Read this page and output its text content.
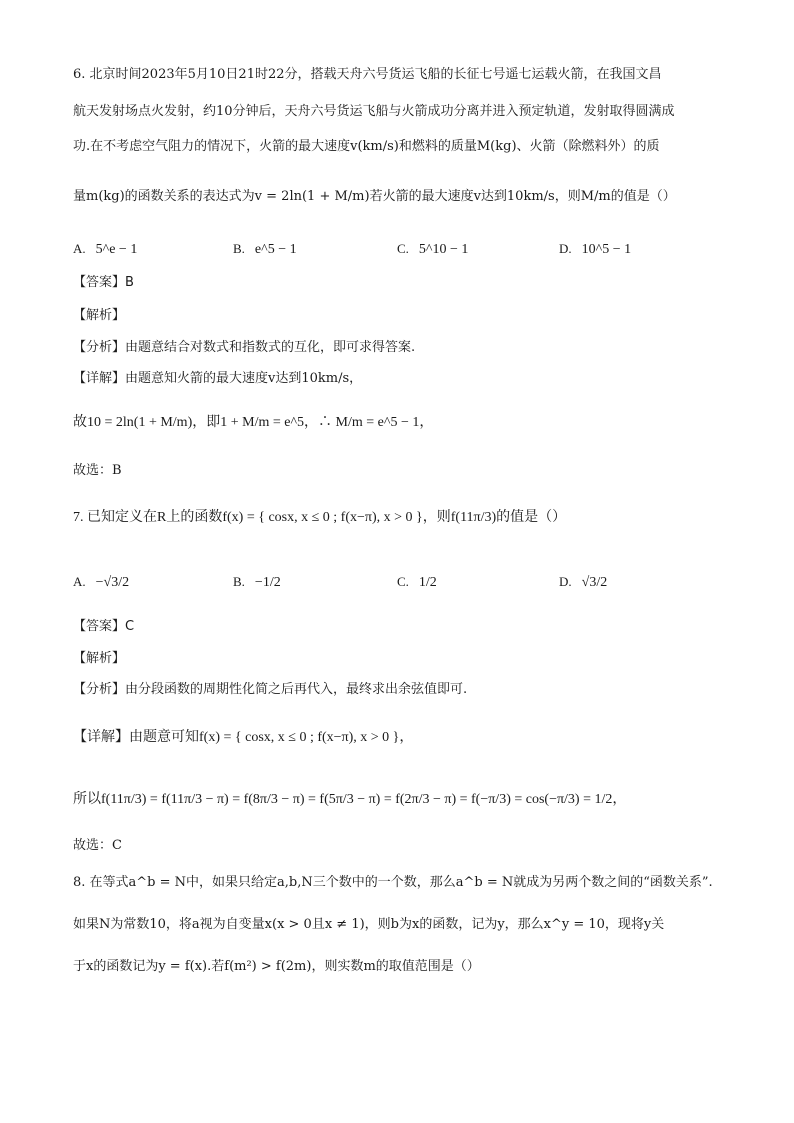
6. 北京时间2023年5月10日21时22分，搭载天舟六号货运飞船的长征七号遥七运载火箭，在我国文昌
航天发射场点火发射，约10分钟后，天舟六号货运飞船与火箭成功分离并进入预定轨道，发射取得圆满成
功.在不考虑空气阻力的情况下，火箭的最大速度v(km/s)和燃料的质量M(kg)、火箭（除燃料外）的质
量m(kg)的函数关系的表达式为v = 2ln(1 + M/m)若火箭的最大速度v达到10km/s，则M/m的值是（）
A. 5^e − 1	B. e^5 − 1	C. 5^10 − 1	D. 10^5 − 1
【答案】B
【解析】
【分析】由题意结合对数式和指数式的互化，即可求得答案.
【详解】由题意知火箭的最大速度v达到10km/s，
故10 = 2ln(1 + M/m)，即1 + M/m = e^5，∴ M/m = e^5 − 1，
故选：B
7. 已知定义在R上的函数f(x) = { cosx, x ≤ 0 ; f(x−π), x > 0 }，则f(11π/3)的值是（）
A. −√3/2	B. −1/2	C. 1/2	D. √3/2
【答案】C
【解析】
【分析】由分段函数的周期性化简之后再代入，最终求出余弦值即可.
【详解】由题意可知f(x) = { cosx, x ≤ 0 ; f(x−π), x > 0 }，
所以f(11π/3) = f(11π/3 − π) = f(8π/3 − π) = f(5π/3 − π) = f(2π/3 − π) = f(−π/3) = cos(−π/3) = 1/2，
故选：C
8. 在等式a^b = N中，如果只给定a,b,N三个数中的一个数，那么a^b = N就成为另两个数之间的“函数关系”.
如果N为常数10，将a视为自变量x(x > 0且x ≠ 1)，则b为x的函数，记为y，那么x^y = 10，现将y关
于x的函数记为y = f(x).若f(m²) > f(2m)，则实数m的取值范围是（）
